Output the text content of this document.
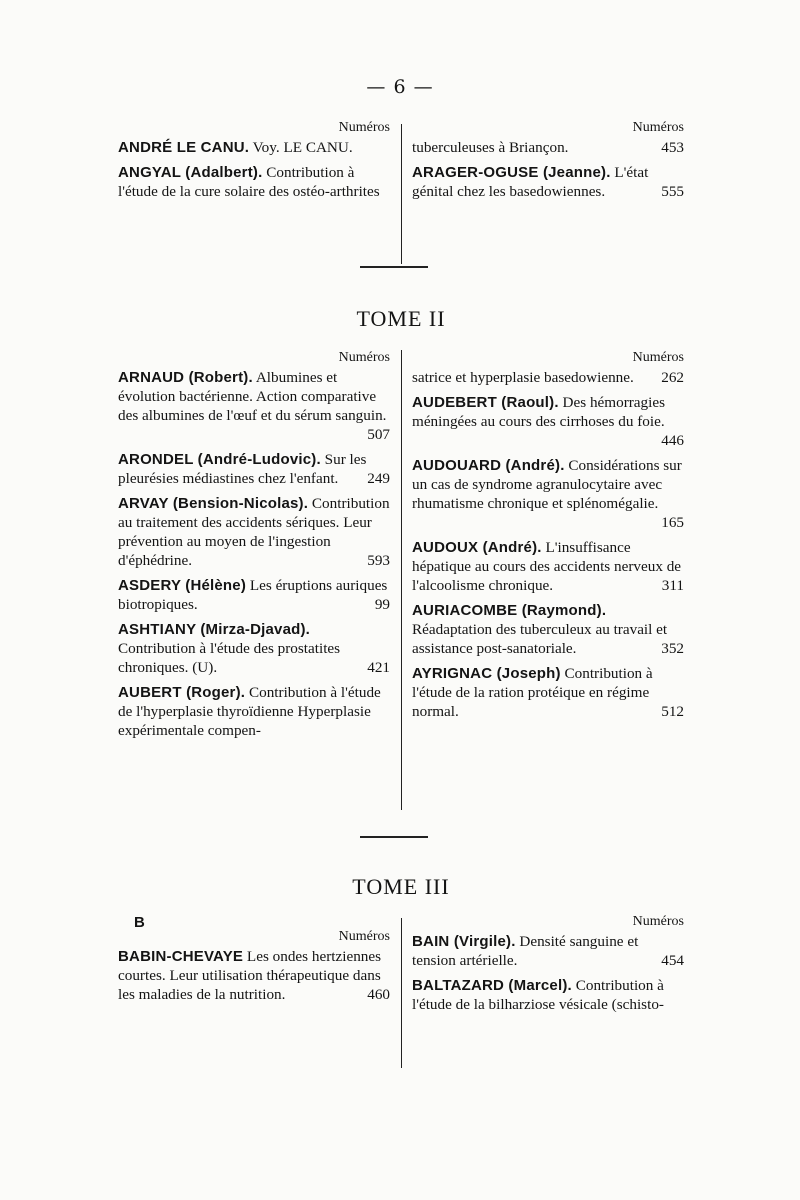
— 6 —
Numéros
ANDRÉ LE CANU. Voy. LE CANU.
ANGYAL (Adalbert). Contribution à l'étude de la cure solaire des ostéo-arthrites
Numéros
tuberculeuses à Briançon.	453
ARAGER-OGUSE (Jeanne). L'état génital chez les basedowiennes.	555
TOME II
Numéros
ARNAUD (Robert). Albumines et évolution bactérienne. Action comparative des albumines de l'œuf et du sérum sanguin.
507
ARONDEL (André-Ludovic). Sur les pleurésies médiastines chez l'enfant. 249
ARVAY (Bension-Nicolas). Contribution au traitement des accidents sériques. Leur prévention au moyen de l'ingestion d'éphédrine.	593
ASDERY (Hélène) Les éruptions auriques biotropiques.	99
ASHTIANY (Mirza-Djavad). Contribution à l'étude des prostatites chroniques. (U).	421
AUBERT (Roger). Contribution à l'étude de l'hyperplasie thyroïdienne Hyperplasie expérimentale compen-
Numéros
satrice et hyperplasie basedowienne. 262
AUDEBERT (Raoul). Des hémorragies méningées au cours des cirrhoses du foie.
446
AUDOUARD (André). Considérations sur un cas de syndrome agranulocytaire avec rhumatisme chronique et splénomégalie.
165
AUDOUX (André). L'insuffisance hépatique au cours des accidents nerveux de l'alcoolisme chronique.	311
AURIACOMBE (Raymond). Réadaptation des tuberculeux au travail et assistance post-sanatoriale.	352
AYRIGNAC (Joseph) Contribution à l'étude de la ration protéique en régime normal.	512
TOME III
B
Numéros
BABIN-CHEVAYE Les ondes hertziennes courtes. Leur utilisation thérapeutique dans les maladies de la nutrition.	460
Numéros
BAIN (Virgile). Densité sanguine et tension artérielle.	454
BALTAZARD (Marcel). Contribution à l'étude de la bilharziose vésicale (schisto-
